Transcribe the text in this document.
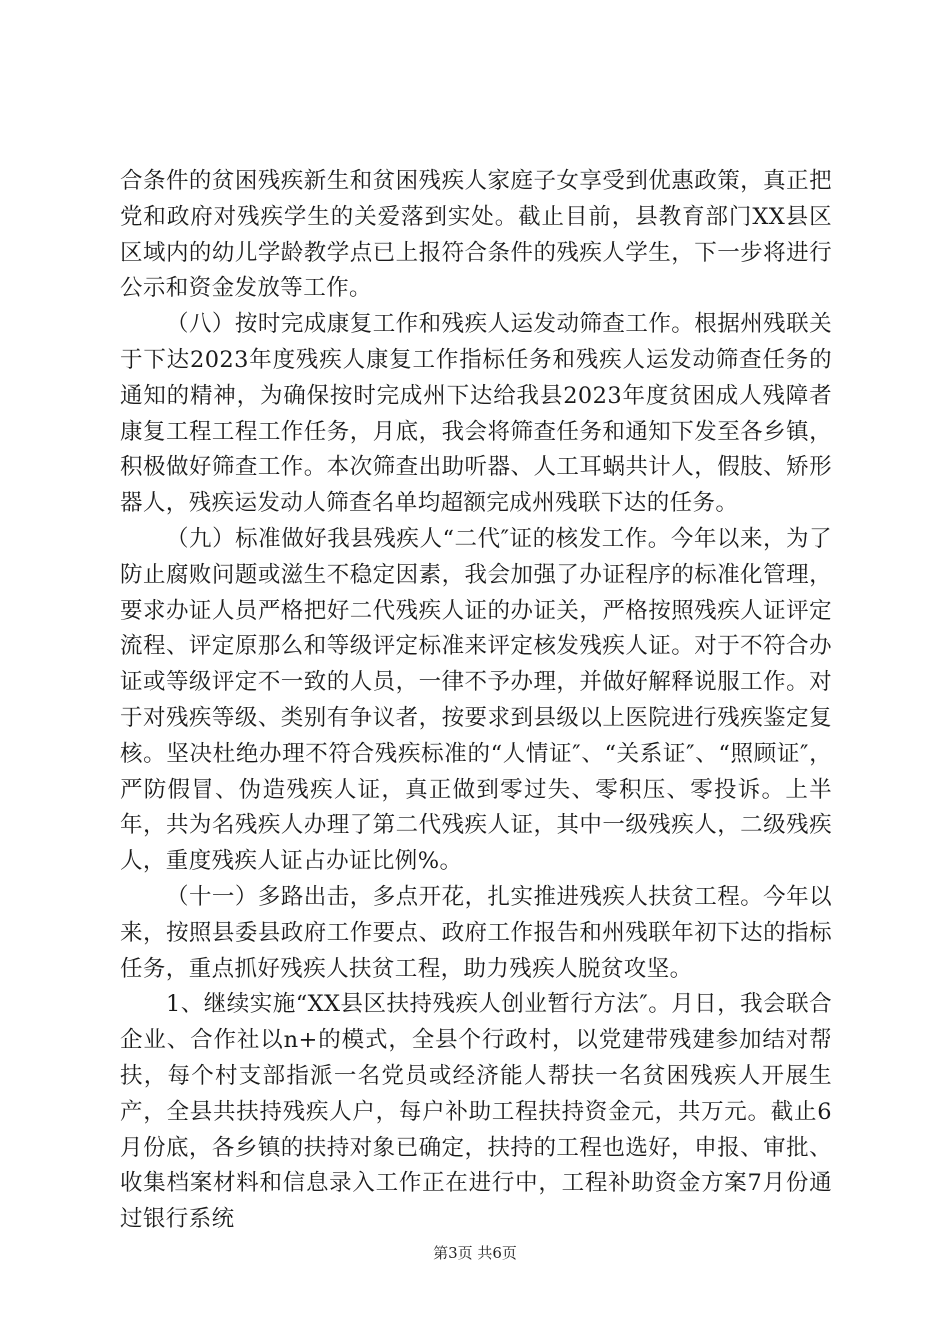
合条件的贫困残疾新生和贫困残疾人家庭子女享受到优惠政策，真正把党和政府对残疾学生的关爱落到实处。截止目前，县教育部门XX县区区域内的幼儿学龄教学点已上报符合条件的残疾人学生，下一步将进行公示和资金发放等工作。

（八）按时完成康复工作和残疾人运发动筛查工作。根据州残联关于下达2023年度残疾人康复工作指标任务和残疾人运发动筛查任务的通知的精神，为确保按时完成州下达给我县2023年度贫困成人残障者康复工程工程工作任务，月底，我会将筛查任务和通知下发至各乡镇，积极做好筛查工作。本次筛查出助听器、人工耳蜗共计人，假肢、矫形器人，残疾运发动人筛查名单均超额完成州残联下达的任务。

（九）标准做好我县残疾人“二代″证的核发工作。今年以来，为了防止腐败问题或滋生不稳定因素，我会加强了办证程序的标准化管理，要求办证人员严格把好二代残疾人证的办证关，严格按照残疾人证评定流程、评定原那么和等级评定标准来评定核发残疾人证。对于不符合办证或等级评定不一致的人员，一律不予办理，并做好解释说服工作。对于对残疾等级、类别有争议者，按要求到县级以上医院进行残疾鉴定复核。坚决杜绝办理不符合残疾标准的“人情证″、“关系证″、“照顾证″，严防假冒、伪造残疾人证，真正做到零过失、零积压、零投诉。上半年，共为名残疾人办理了第二代残疾人证，其中一级残疾人，二级残疾人，重度残疾人证占办证比例%。

（十一）多路出击，多点开花，扎实推进残疾人扶贫工程。今年以来，按照县委县政府工作要点、政府工作报告和州残联年初下达的指标任务，重点抓好残疾人扶贫工程，助力残疾人脱贫攻坚。

1、继续实施“XX县区扶持残疾人创业暂行方法″。月日，我会联合企业、合作社以n+的模式，全县个行政村，以党建带残建参加结对帮扶，每个村支部指派一名党员或经济能人帮扶一名贫困残疾人开展生产，全县共扶持残疾人户，每户补助工程扶持资金元，共万元。截止6月份底，各乡镇的扶持对象已确定，扶持的工程也选好，申报、审批、收集档案材料和信息录入工作正在进行中，工程补助资金方案7月份通过银行系统

第3页 共6页
